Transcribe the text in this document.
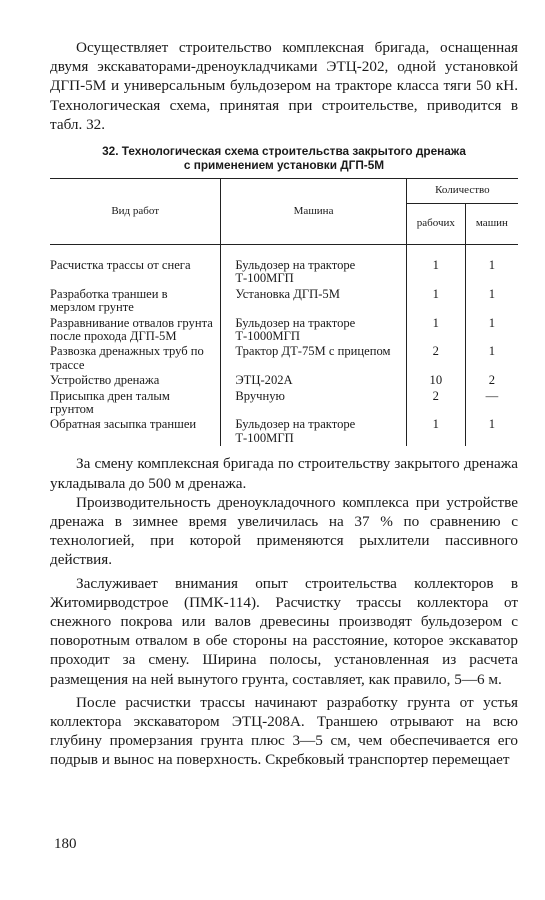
Осуществляет строительство комплексная бригада, оснащенная двумя экскаваторами-дреноукладчиками ЭТЦ-202, одной установкой ДГП-5М и универсальным бульдозером на тракторе класса тяги 50 кН. Технологическая схема, принятая при строительстве, приводится в табл. 32.

32. Технологическая схема строительства закрытого дренажа
с применением установки ДГП-5М
Вид работ	Машина	Количество	
		рабочих	машин
Расчистка трассы от снега	Бульдозер на тракторе Т-100МГП	1	1
Разработка траншеи в мерзлом грунте	Установка ДГП-5М	1	1
Разравнивание отвалов грунта после прохода ДГП-5М	Бульдозер на тракторе Т-1000МГП	1	1
Развозка дренажных труб по трассе	Трактор ДТ-75М с прицепом	2	1
Устройство дренажа	ЭТЦ-202А	10	2
Присыпка дрен талым грунтом	Вручную	2	—
Обратная засыпка траншеи	Бульдозер на тракторе Т-100МГП	1	1

За смену комплексная бригада по строительству закрытого дренажа укладывала до 500 м дренажа.

Производительность дреноукладочного комплекса при устройстве дренажа в зимнее время увеличилась на 37 % по сравнению с технологией, при которой применяются рыхлители пассивного действия.

Заслуживает внимания опыт строительства коллекторов в Житомирводстрое (ПМК-114). Расчистку трассы коллектора от снежного покрова или валов древесины производят бульдозером с поворотным отвалом в обе стороны на расстояние, которое экскаватор проходит за смену. Ширина полосы, установленная из расчета размещения на ней вынутого грунта, составляет, как правило, 5—6 м.

После расчистки трассы начинают разработку грунта от устья коллектора экскаватором ЭТЦ-208А. Траншею отрывают на всю глубину промерзания грунта плюс 3—5 см, чем обеспечивается его подрыв и вынос на поверхность. Скребковый транспортер перемещает

180
